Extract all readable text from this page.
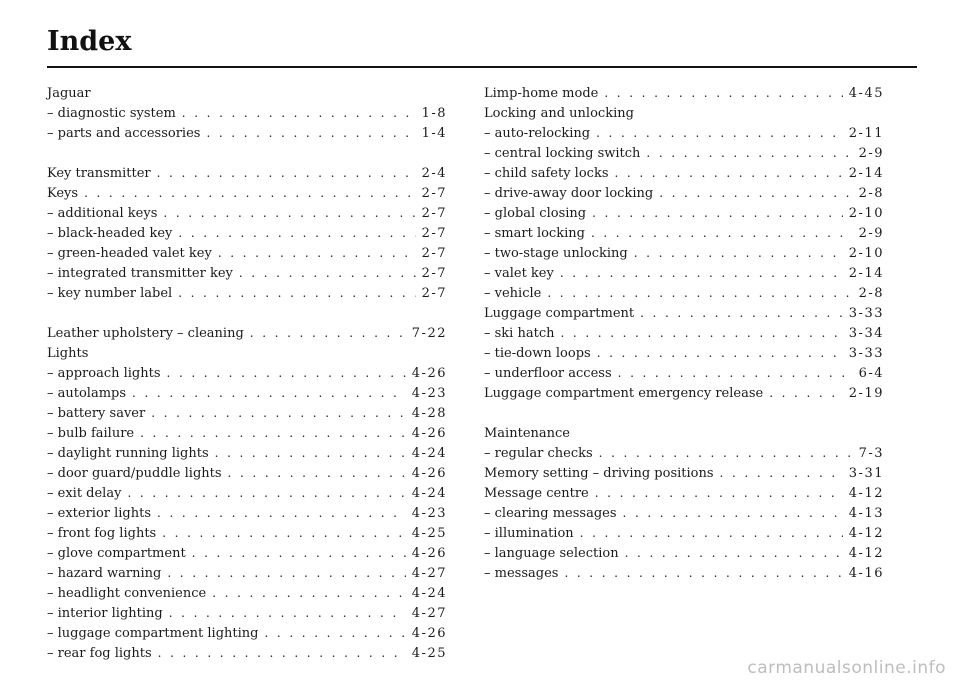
Index
Jaguar
– diagnostic system . . .	1-8
– parts and accessories . . .	1-4
Key transmitter . . .	2-4
Keys . . .	2-7
– additional keys . . .	2-7
– black-headed key . . .	2-7
– green-headed valet key . . .	2-7
– integrated transmitter key . . .	2-7
– key number label . . .	2-7
Leather upholstery – cleaning . . .	7-22
Lights
– approach lights . . .	4-26
– autolamps . . .	4-23
– battery saver . . .	4-28
– bulb failure . . .	4-26
– daylight running lights . . .	4-24
– door guard/puddle lights . . .	4-26
– exit delay . . .	4-24
– exterior lights . . .	4-23
– front fog lights . . .	4-25
– glove compartment . . .	4-26
– hazard warning . . .	4-27
– headlight convenience . . .	4-24
– interior lighting . . .	4-27
– luggage compartment lighting . . .	4-26
– rear fog lights . . .	4-25
Limp-home mode . . .	4-45
Locking and unlocking
– auto-relocking . . .	2-11
– central locking switch . . .	2-9
– child safety locks . . .	2-14
– drive-away door locking . . .	2-8
– global closing . . .	2-10
– smart locking . . .	2-9
– two-stage unlocking . . .	2-10
– valet key . . .	2-14
– vehicle . . .	2-8
Luggage compartment . . .	3-33
– ski hatch . . .	3-34
– tie-down loops . . .	3-33
– underfloor access . . .	6-4
Luggage compartment emergency release . . .	2-19
Maintenance
– regular checks . . .	7-3
Memory setting – driving positions . . .	3-31
Message centre . . .	4-12
– clearing messages . . .	4-13
– illumination . . .	4-12
– language selection . . .	4-12
– messages . . .	4-16
carmanualsonline.info
